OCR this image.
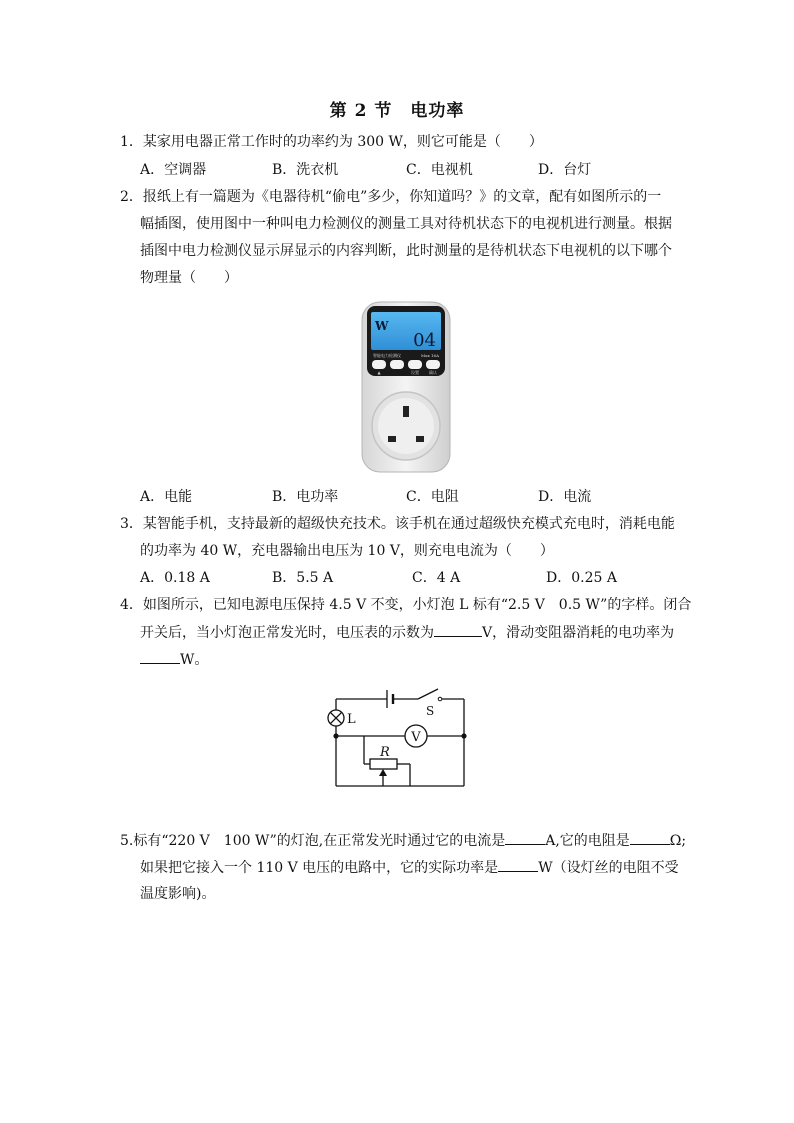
第 2 节　电功率
1．某家用电器正常工作时的功率约为 300 W，则它可能是（　　）
A．空调器	B．洗衣机	C．电视机	D．台灯
2．报纸上有一篇题为《电器待机“偷电”多少，你知道吗？》的文章，配有如图所示的一
幅插图，使用图中一种叫电力检测仪的测量工具对待机状态下的电视机进行测量。根据
插图中电力检测仪显示屏显示的内容判断，此时测量的是待机状态下电视机的以下哪个
物理量（　　）
W
04
智能电力检测仪	Max 16A
▲	设置	确认
A．电能	B．电功率	C．电阻	D．电流
3．某智能手机，支持最新的超级快充技术。该手机在通过超级快充模式充电时，消耗电能
的功率为 40 W，充电器输出电压为 10 V，则充电电流为（　　）
A．0.18 A	B．5.5 A	C．4 A	D．0.25 A
4．如图所示，已知电源电压保持 4.5 V 不变，小灯泡 L 标有“2.5 V　0.5 W”的字样。闭合
开关后，当小灯泡正常发光时，电压表的示数为	V，滑动变阻器消耗的电功率为
W。
L
S
V
R
5.标有“220 V　100 W”的灯泡,在正常发光时通过它的电流是	A,它的电阻是	Ω;
如果把它接入一个 110 V 电压的电路中，它的实际功率是	W（设灯丝的电阻不受
温度影响)。
